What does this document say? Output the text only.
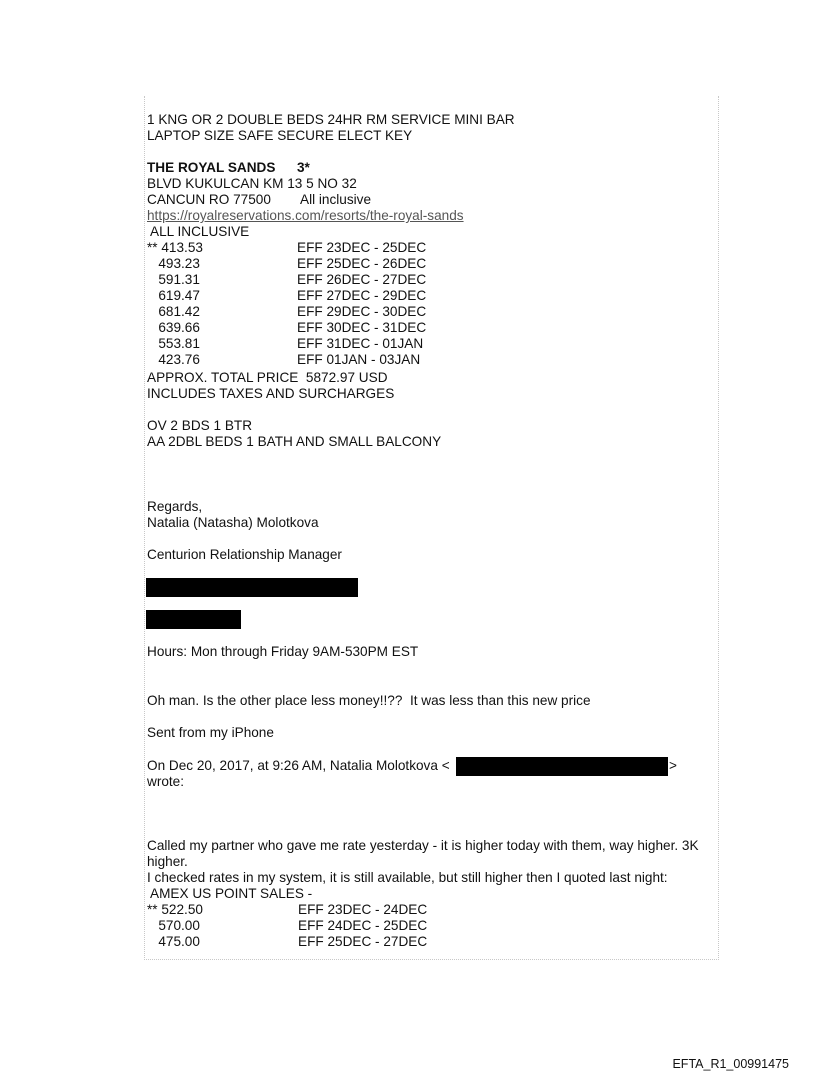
1 KNG OR 2 DOUBLE BEDS 24HR RM SERVICE MINI BAR
LAPTOP SIZE SAFE SECURE ELECT KEY
THE ROYAL SANDS 3*
BLVD KUKULCAN KM 13 5 NO 32
CANCUN RO 77500 All inclusive
https://royalreservations.com/resorts/the-royal-sands
ALL INCLUSIVE
** 413.53	EFF 23DEC - 25DEC
493.23	EFF 25DEC - 26DEC
591.31	EFF 26DEC - 27DEC
619.47	EFF 27DEC - 29DEC
681.42	EFF 29DEC - 30DEC
639.66	EFF 30DEC - 31DEC
553.81	EFF 31DEC - 01JAN
423.76	EFF 01JAN - 03JAN
APPROX. TOTAL PRICE  5872.97 USD
INCLUDES TAXES AND SURCHARGES
OV 2 BDS 1 BTR
AA 2DBL BEDS 1 BATH AND SMALL BALCONY
Regards,
Natalia (Natasha) Molotkova
Centurion Relationship Manager
Hours: Mon through Friday 9AM-530PM EST
Oh man. Is the other place less money!!??  It was less than this new price
Sent from my iPhone
On Dec 20, 2017, at 9:26 AM, Natalia Molotkova <	>
wrote:
Called my partner who gave me rate yesterday - it is higher today with them, way higher. 3K
higher.
I checked rates in my system, it is still available, but still higher then I quoted last night:
AMEX US POINT SALES -
** 522.50	EFF 23DEC - 24DEC
570.00	EFF 24DEC - 25DEC
475.00	EFF 25DEC - 27DEC
EFTA_R1_00991475
